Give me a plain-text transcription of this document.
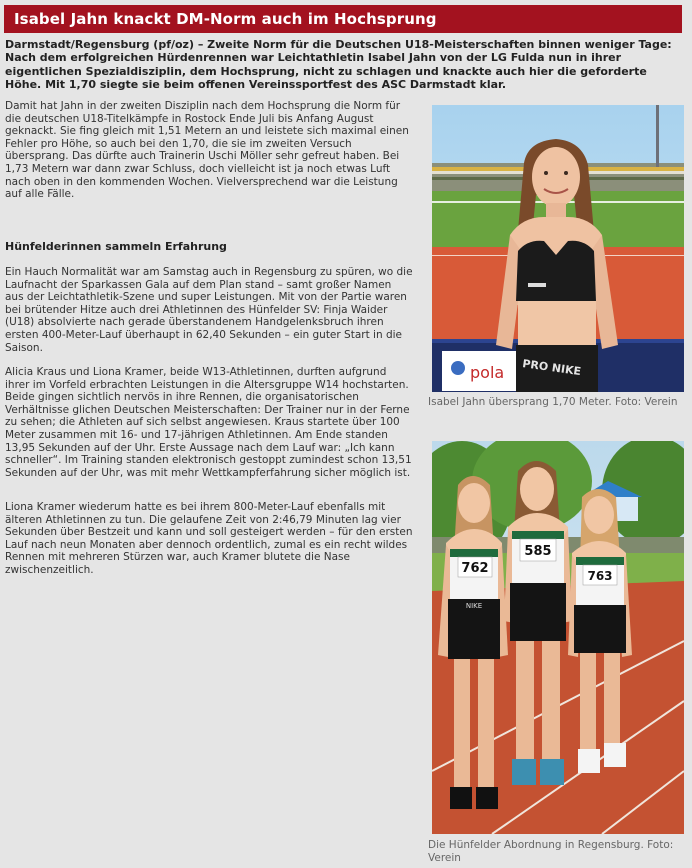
Isabel Jahn knackt DM-Norm auch im Hochsprung
Darmstadt/Regensburg (pf/oz) – Zweite Norm für die Deutschen U18-Meisterschaften binnen weniger Tage: Nach dem erfolgreichen Hürdenrennen war Leichtathletin Isabel Jahn von der LG Fulda nun in ihrer eigentlichen Spezialdisziplin, dem Hochsprung, nicht zu schlagen und knackte auch hier die geforderte Höhe. Mit 1,70 siegte sie beim offenen Vereinssportfest des ASC Darmstadt klar.

Damit hat Jahn in der zweiten Disziplin nach dem Hochsprung die Norm für die deutschen U18-Titelkämpfe in Rostock Ende Juli bis Anfang August geknackt. Sie fing gleich mit 1,51 Metern an und leistete sich maximal einen Fehler pro Höhe, so auch bei den 1,70, die sie im zweiten Versuch übersprang. Das dürfte auch Trainerin Uschi Möller sehr gefreut haben. Bei 1,73 Metern war dann zwar Schluss, doch vielleicht ist ja noch etwas Luft nach oben in den kommenden Wochen. Vielversprechend war die Leistung auf alle Fälle.

Hünfelderinnen sammeln Erfahrung

Ein Hauch Normalität war am Samstag auch in Regensburg zu spüren, wo die Laufnacht der Sparkassen Gala auf dem Plan stand – samt großer Namen aus der Leichtathletik-Szene und super Leistungen. Mit von der Partie waren bei brütender Hitze auch drei Athletinnen des Hünfelder SV: Finja Waider (U18) absolvierte nach gerade überstandenem Handgelenksbruch ihren ersten 400-Meter-Lauf überhaupt in 62,40 Sekunden – ein guter Start in die Saison.

Alicia Kraus und Liona Kramer, beide W13-Athletinnen, durften aufgrund ihrer im Vorfeld erbrachten Leistungen in die Altersgruppe W14 hochstarten. Beide gingen sichtlich nervös in ihre Rennen, die organisatorischen Verhältnisse glichen Deutschen Meisterschaften: Der Trainer nur in der Ferne zu sehen; die Athleten auf sich selbst angewiesen. Kraus startete über 100 Meter zusammen mit 16- und 17-jährigen Athletinnen. Am Ende standen 13,95 Sekunden auf der Uhr. Erste Aussage nach dem Lauf war: „Ich kann schneller“. Im Training standen elektronisch gestoppt zumindest schon 13,51 Sekunden auf der Uhr, was mit mehr Wettkampferfahrung sicher möglich ist.

Liona Kramer wiederum hatte es bei ihrem 800-Meter-Lauf ebenfalls mit älteren Athletinnen zu tun. Die gelaufene Zeit von 2:46,79 Minuten lag vier Sekunden über Bestzeit und kann und soll gesteigert werden – für den ersten Lauf nach neun Monaten aber dennoch ordentlich, zumal es ein recht wildes Rennen mit mehreren Stürzen war, auch Kramer blutete die Nase zwischenzeitlich.

pola PRO NIKE
Isabel Jahn übersprang 1,70 Meter. Foto: Verein
762
NIKE
585
763
Die Hünfelder Abordnung in Regensburg. Foto: Verein
